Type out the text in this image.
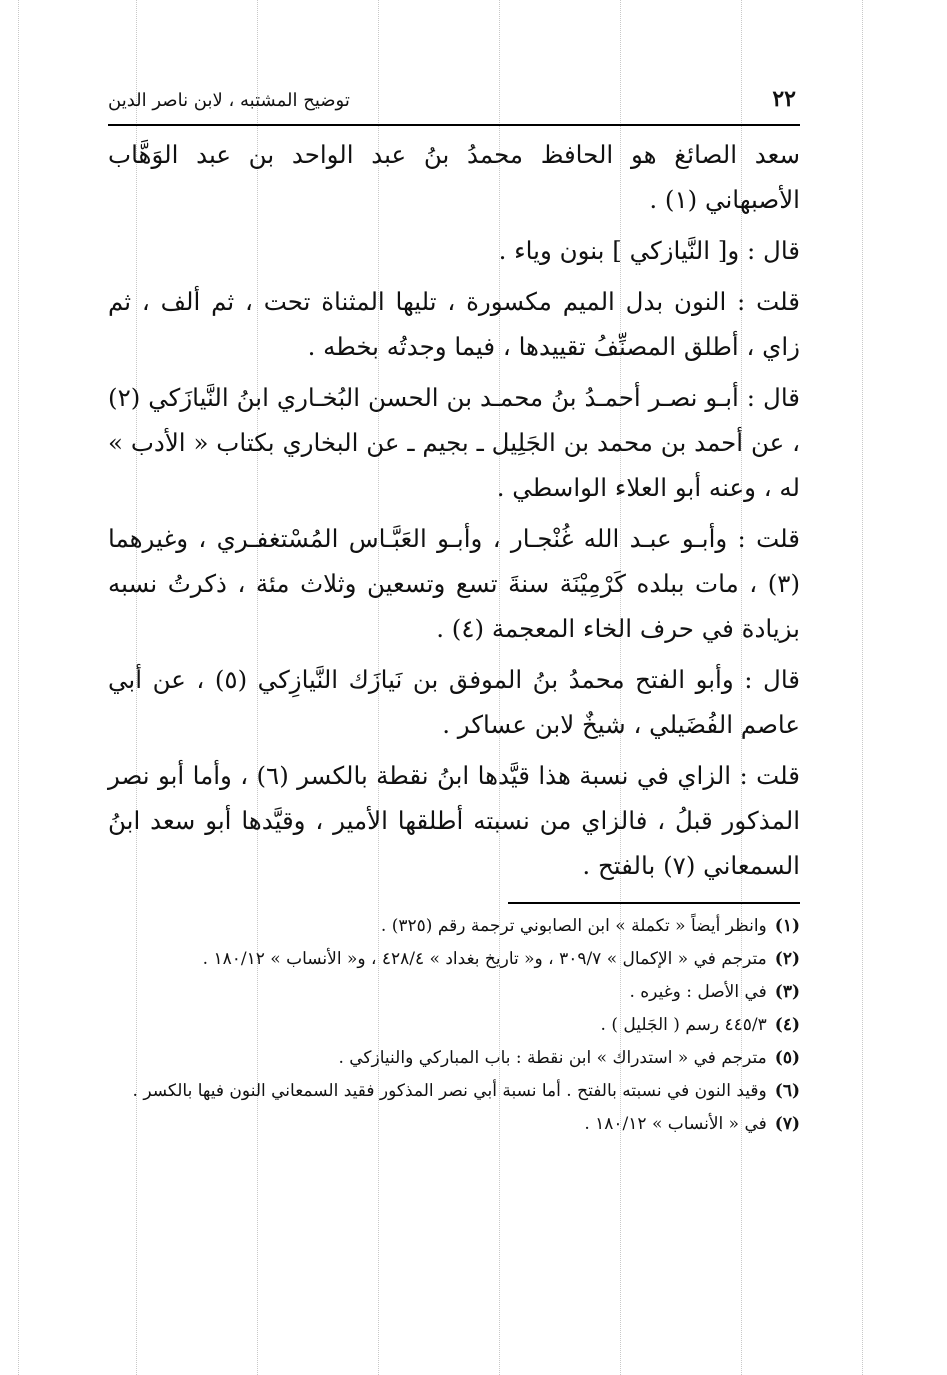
٢٢
توضيح المشتبه ، لابن ناصر الدين

سعد الصائغ هو الحافظ محمدُ بنُ عبد الواحد بن عبد الوَهَّاب الأصبهاني (١) .

قال : و[ النَّيازكي ] بنون وياء .

قلت : النون بدل الميم مكسورة ، تليها المثناة تحت ، ثم ألف ، ثم زاي ، أطلق المصنِّفُ تقييدها ، فيما وجدتُه بخطه .

قال : أبـو نصـر أحمـدُ بنُ محمـد بن الحسن البُخـاري ابنُ النَّيازَكي (٢) ، عن أحمد بن محمد بن الجَلِيل ـ بجيم ـ عن البخاري بكتاب « الأدب » له ، وعنه أبو العلاء الواسطي .

قلت : وأبـو عبـد الله غُنْجـار ، وأبـو العَبَّـاس المُسْتغفـري ، وغيرهما (٣) ، مات ببلده كَرْمِيْنَة سنةَ تسع وتسعين وثلاث مئة ، ذكرتُ نسبه بزيادة في حرف الخاء المعجمة (٤) .

قال : وأبو الفتح محمدُ بنُ الموفق بن نَيازَك النَّيازِكي (٥) ، عن أبي عاصم الفُضَيلي ، شيخٌ لابن عساكر .

قلت : الزاي في نسبة هذا قيَّدها ابنُ نقطة بالكسر (٦) ، وأما أبو نصر المذكور قبلُ ، فالزاي من نسبته أطلقها الأمير ، وقيَّدها أبو سعد ابنُ السمعاني (٧) بالفتح .

(١)وانظر أيضاً « تكملة » ابن الصابوني ترجمة رقم (٣٢٥) .

(٢)مترجم في « الإكمال » ٣٠٩/٧ ، و« تاريخ بغداد » ٤٢٨/٤ ، و« الأنساب » ١٨٠/١٢ .

(٣)في الأصل : وغيره .

(٤)٤٤٥/٣ رسم ( الجَليل ) .

(٥)مترجم في « استدراك » ابن نقطة : باب المباركي والنيازكي .

(٦)وقيد النون في نسبته بالفتح . أما نسبة أبي نصر المذكور فقيد السمعاني النون فيها بالكسر .

(٧)في « الأنساب » ١٨٠/١٢ .
